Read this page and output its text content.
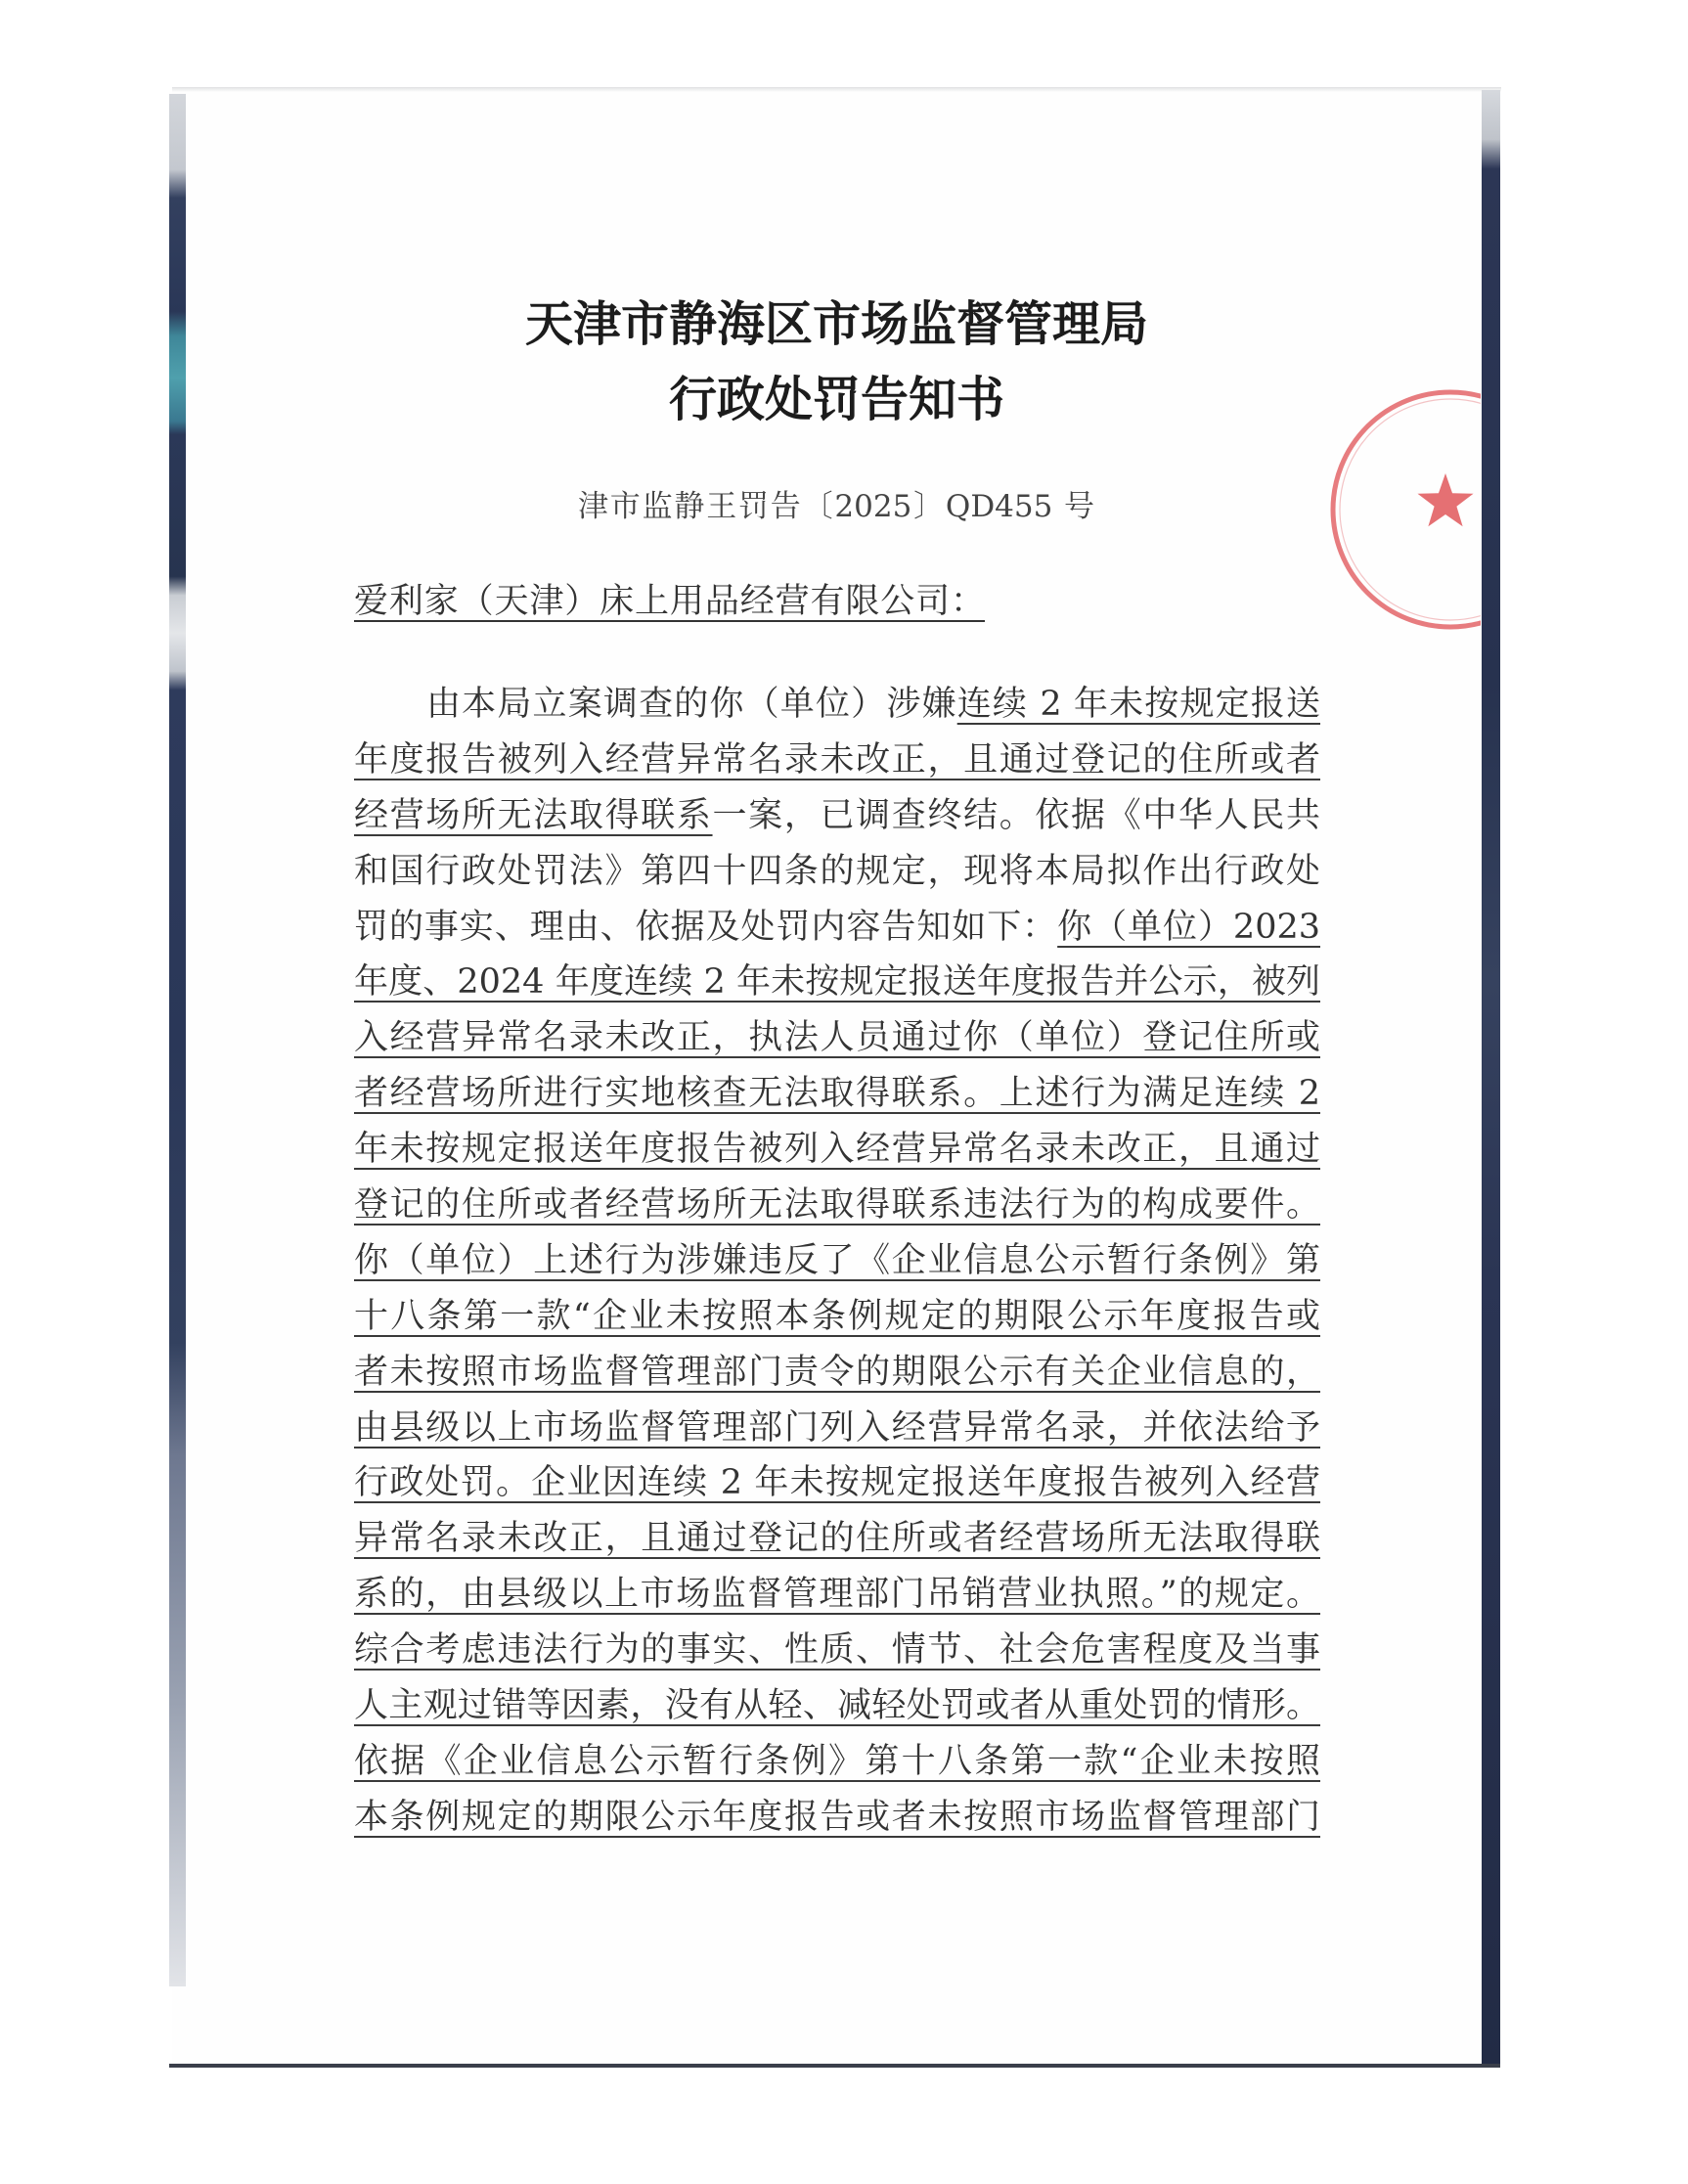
天津市静海区市场监督管理局
行政处罚告知书
津市监静王罚告〔2025〕QD455 号
爱利家（天津）床上用品经营有限公司：
由本局立案调查的你（单位）涉嫌连续 2 年未按规定报送
年度报告被列入经营异常名录未改正，且通过登记的住所或者
经营场所无法取得联系一案，已调查终结。依据《中华人民共
和国行政处罚法》第四十四条的规定，现将本局拟作出行政处
罚的事实、理由、依据及处罚内容告知如下：你（单位）2023
年度、2024 年度连续 2 年未按规定报送年度报告并公示，被列
入经营异常名录未改正，执法人员通过你（单位）登记住所或
者经营场所进行实地核查无法取得联系。上述行为满足连续 2
年未按规定报送年度报告被列入经营异常名录未改正，且通过
登记的住所或者经营场所无法取得联系违法行为的构成要件。
你（单位）上述行为涉嫌违反了《企业信息公示暂行条例》第
十八条第一款“企业未按照本条例规定的期限公示年度报告或
者未按照市场监督管理部门责令的期限公示有关企业信息的，
由县级以上市场监督管理部门列入经营异常名录，并依法给予
行政处罚。企业因连续 2 年未按规定报送年度报告被列入经营
异常名录未改正，且通过登记的住所或者经营场所无法取得联
系的，由县级以上市场监督管理部门吊销营业执照。”的规定。
综合考虑违法行为的事实、性质、情节、社会危害程度及当事
人主观过错等因素，没有从轻、减轻处罚或者从重处罚的情形。
依据《企业信息公示暂行条例》第十八条第一款“企业未按照
本条例规定的期限公示年度报告或者未按照市场监督管理部门
